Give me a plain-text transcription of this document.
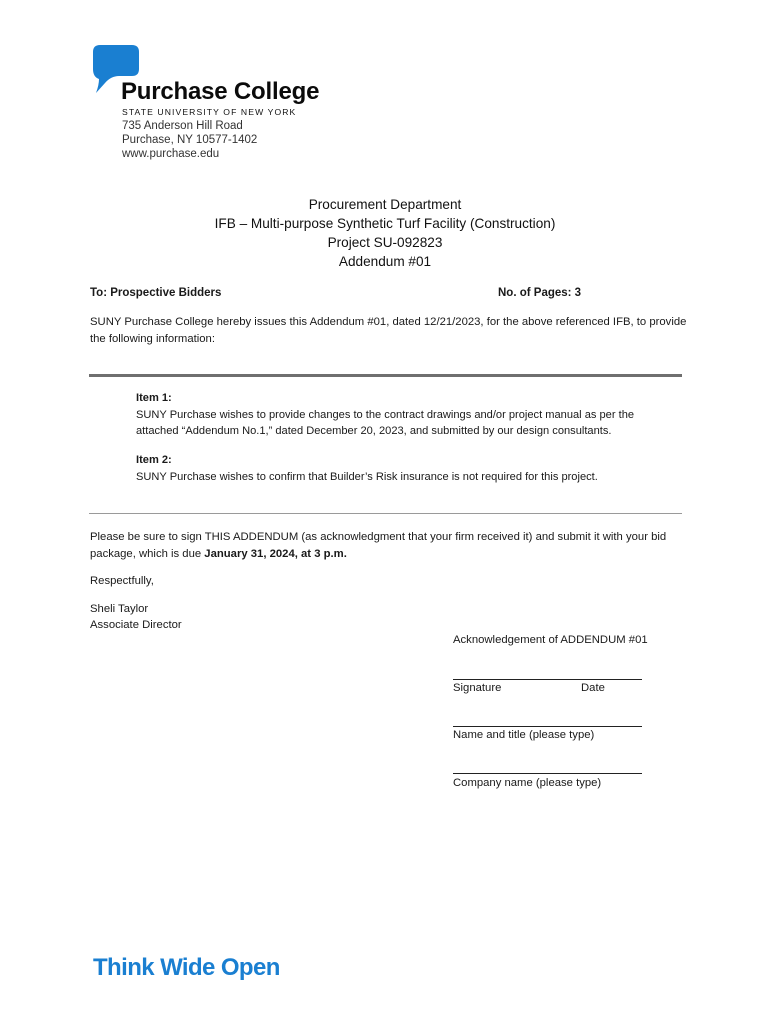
Purchase College
STATE UNIVERSITY OF NEW YORK
735 Anderson Hill Road
Purchase, NY 10577-1402
www.purchase.edu
Procurement Department
IFB – Multi-purpose Synthetic Turf Facility (Construction)
Project SU-092823
Addendum #01
To: Prospective Bidders	No. of Pages: 3
SUNY Purchase College hereby issues this Addendum #01, dated 12/21/2023, for the above referenced IFB, to provide the following information:
Item 1:
SUNY Purchase wishes to provide changes to the contract drawings and/or project manual as per the attached “Addendum No.1,” dated December 20, 2023, and submitted by our design consultants.
Item 2:
SUNY Purchase wishes to confirm that Builder’s Risk insurance is not required for this project.
Please be sure to sign THIS ADDENDUM (as acknowledgment that your firm received it) and submit it with your bid package, which is due January 31, 2024, at 3 p.m.
Respectfully,
Sheli Taylor
Associate Director
Acknowledgement of ADDENDUM #01
Signature	Date
Name and title (please type)
Company name (please type)
Think Wide Open
